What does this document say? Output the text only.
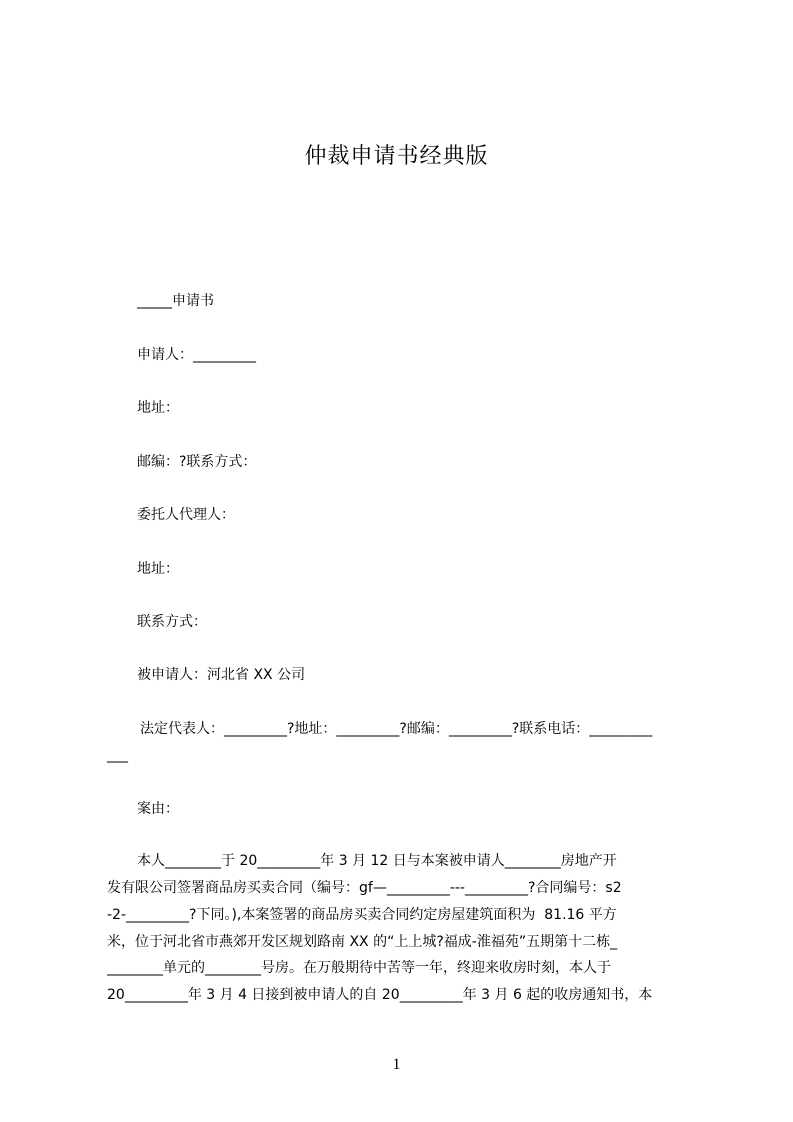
仲裁申请书经典版
_____申请书
申请人：_________
地址：
邮编：?联系方式：
委托人代理人：
地址：
联系方式：
被申请人：河北省 XX 公司
法定代表人：_________?地址：_________?邮编：_________?联系电话：_________
___
案由：
本人________于 20_________年 3 月 12 日与本案被申请人________房地产开
发有限公司签署商品房买卖合同（编号：gf—_________---_________?合同编号：s2
-2-_________?下同。),本案签署的商品房买卖合同约定房屋建筑面积为  81.16 平方
米，位于河北省市燕郊开发区规划路南 XX 的“上上城?福成-淮福苑”五期第十二栋_
________单元的________号房。在万般期待中苦等一年，终迎来收房时刻，本人于
20_________年 3 月 4 日接到被申请人的自 20_________年 3 月 6 起的收房通知书，本
1
